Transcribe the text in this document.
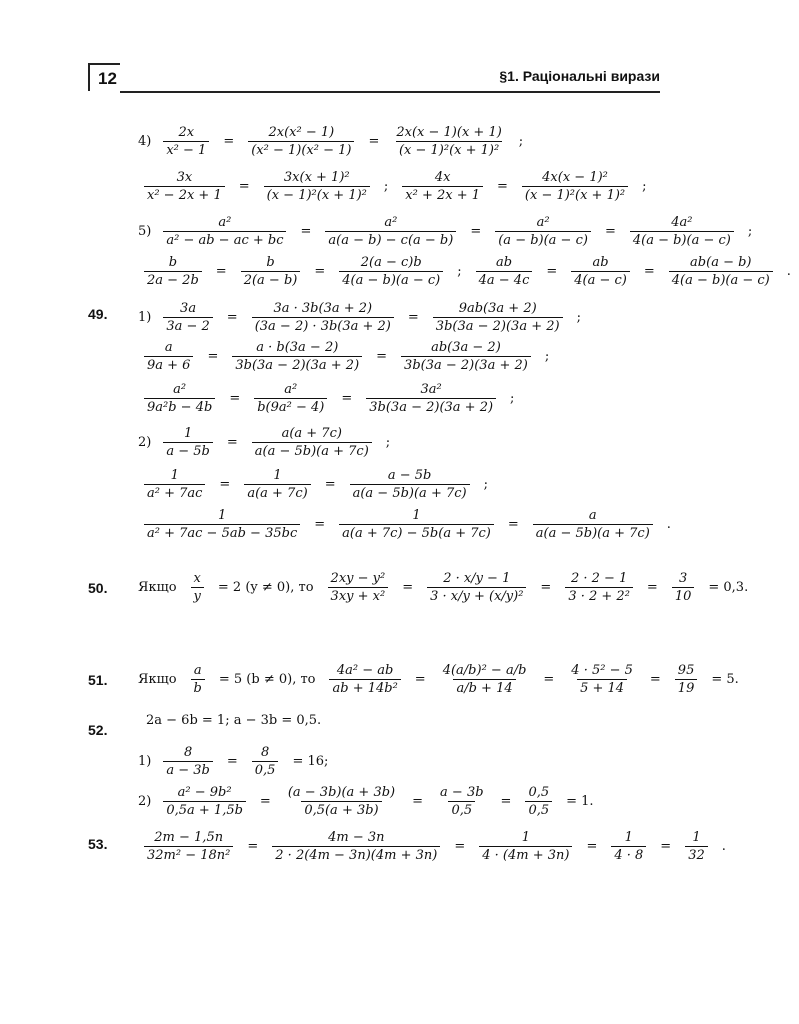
12	§1. Раціональні вирази
49.
50.
51.
52.
53.
$4) \frac{2x}{\text{x² − 1}} = \frac{\text{2x(x² − 1)}}{\text{(x² − 1)(x² − 1)}} = \frac{2x(x - 1)(x + 1)}{\text{(x − 1)²(x + 1)²}}$ ;
$\frac{3x}{\text{x² − 2x + 1}} = \frac{\text{3x(x + 1)²}}{\text{(x − 1)²(x + 1)²}}$ ; $\frac{4x}{\text{x² + 2x + 1}} = \frac{\text{4x(x − 1)²}}{\text{(x − 1)²(x + 1)²}}$ ;
$5) \frac{\text{a²}}{\text{a² − ab − ac + bc}} = \frac{\text{a²}}{a(a - b) - c(a - b)} = \frac{\text{a²}}{(a - b)(a - c)} = \frac{\text{4a²}}{4(a - b)(a - c)}$ ;
$\frac{b}{2a - 2b} = \frac{b}{2(a - b)} = \frac{2(a - c)b}{4(a - b)(a - c)}$ ; $\frac{ab}{4a - 4c} = \frac{ab}{4(a - c)} = \frac{ab(a - b)}{4(a - b)(a - c)}$ .
$1) \frac{3a}{3a - 2} = \frac{3a \cdot 3b(3a + 2)}{(3a - 2) \cdot 3b(3a + 2)} = \frac{9ab(3a + 2)}{3b(3a - 2)(3a + 2)}$ ;
$\frac{a}{9a + 6} = \frac{a \cdot b(3a - 2)}{3b(3a - 2)(3a + 2)} = \frac{ab(3a - 2)}{3b(3a - 2)(3a + 2)}$ ;
$\frac{\text{a²}}{\text{9a²b − 4b}} = \frac{\text{a²}}{\text{b(9a² − 4)}} = \frac{\text{3a²}}{3b(3a - 2)(3a + 2)}$ ;
$2) \frac{1}{a - 5b} = \frac{a(a + 7c)}{a(a - 5b)(a + 7c)}$ ;
$\frac{1}{\text{a² + 7ac}} = \frac{1}{a(a + 7c)} = \frac{a - 5b}{a(a - 5b)(a + 7c)}$ ;
$\frac{1}{\text{a² + 7ac − 5ab − 35bc}} = \frac{1}{a(a + 7c) - 5b(a + 7c)} = \frac{a}{a(a - 5b)(a + 7c)}$ .
Якщо $\frac{x}{y} = 2$ (y ≠ 0), то $\frac{\text{2xy − y²}}{\text{3xy + x²}} = \frac{2 \cdot x/y - 1}{\text{3 · x/y + (x/y)²}} = \frac{2 \cdot 2 - 1}{\text{3 · 2 + 2²}} = \frac{3}{10} = 0,3$.
Якщо $\frac{a}{b} = 5$ (b ≠ 0), то $\frac{\text{4a² − ab}}{\text{ab + 14b²}} = \frac{\text{4(a/b)² − a/b}}{a/b + 14} = \frac{\text{4 · 5² − 5}}{5 + 14} = \frac{95}{19} = 5$.
2a − 6b = 1; a − 3b = 0,5.
$1) \frac{8}{a - 3b} = \frac{8}{0,5} = 16$;
$2) \frac{\text{a² − 9b²}}{0,5a + 1,5b} = \frac{(a - 3b)(a + 3b)}{0,5(a + 3b)} = \frac{a - 3b}{0,5} = \frac{0,5}{0,5} = 1$.
$\frac{2m - 1,5n}{\text{32m² − 18n²}} = \frac{4m - 3n}{2 \cdot 2(4m - 3n)(4m + 3n)} = \frac{1}{4 \cdot (4m + 3n)} = \frac{1}{4 \cdot 8} = \frac{1}{32}$ .
